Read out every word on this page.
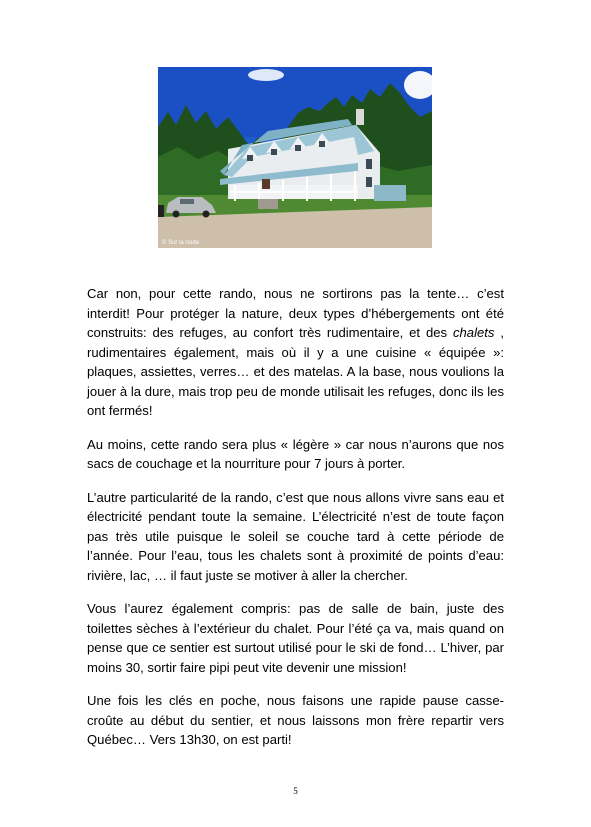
© Sur la route

Car non, pour cette rando, nous ne sortirons pas la tente… c’est interdit! Pour protéger la nature, deux types d’hébergements ont été construits: des refuges, au confort très rudimentaire, et des chalets , rudimentaires également, mais où il y a une cuisine « équipée »: plaques, assiettes, verres… et des matelas. A la base, nous voulions la jouer à la dure, mais trop peu de monde utilisait les refuges, donc ils les ont fermés!

Au moins, cette rando sera plus « légère » car nous n’aurons que nos sacs de couchage et la nourriture pour 7 jours à porter.

L’autre particularité de la rando, c’est que nous allons vivre sans eau et électricité pendant toute la semaine. L’électricité n’est de toute façon pas très utile puisque le soleil se couche tard à cette période de l’année. Pour l’eau, tous les chalets sont à proximité de points d’eau: rivière, lac, … il faut juste se motiver à aller la chercher.

Vous l’aurez également compris: pas de salle de bain, juste des toilettes sèches à l’extérieur du chalet. Pour l’été ça va, mais quand on pense que ce sentier est surtout utilisé pour le ski de fond… L’hiver, par moins 30, sortir faire pipi peut vite devenir une mission!

Une fois les clés en poche, nous faisons une rapide pause casse-croûte au début du sentier, et nous laissons mon frère repartir vers Québec… Vers 13h30, on est parti!

5
